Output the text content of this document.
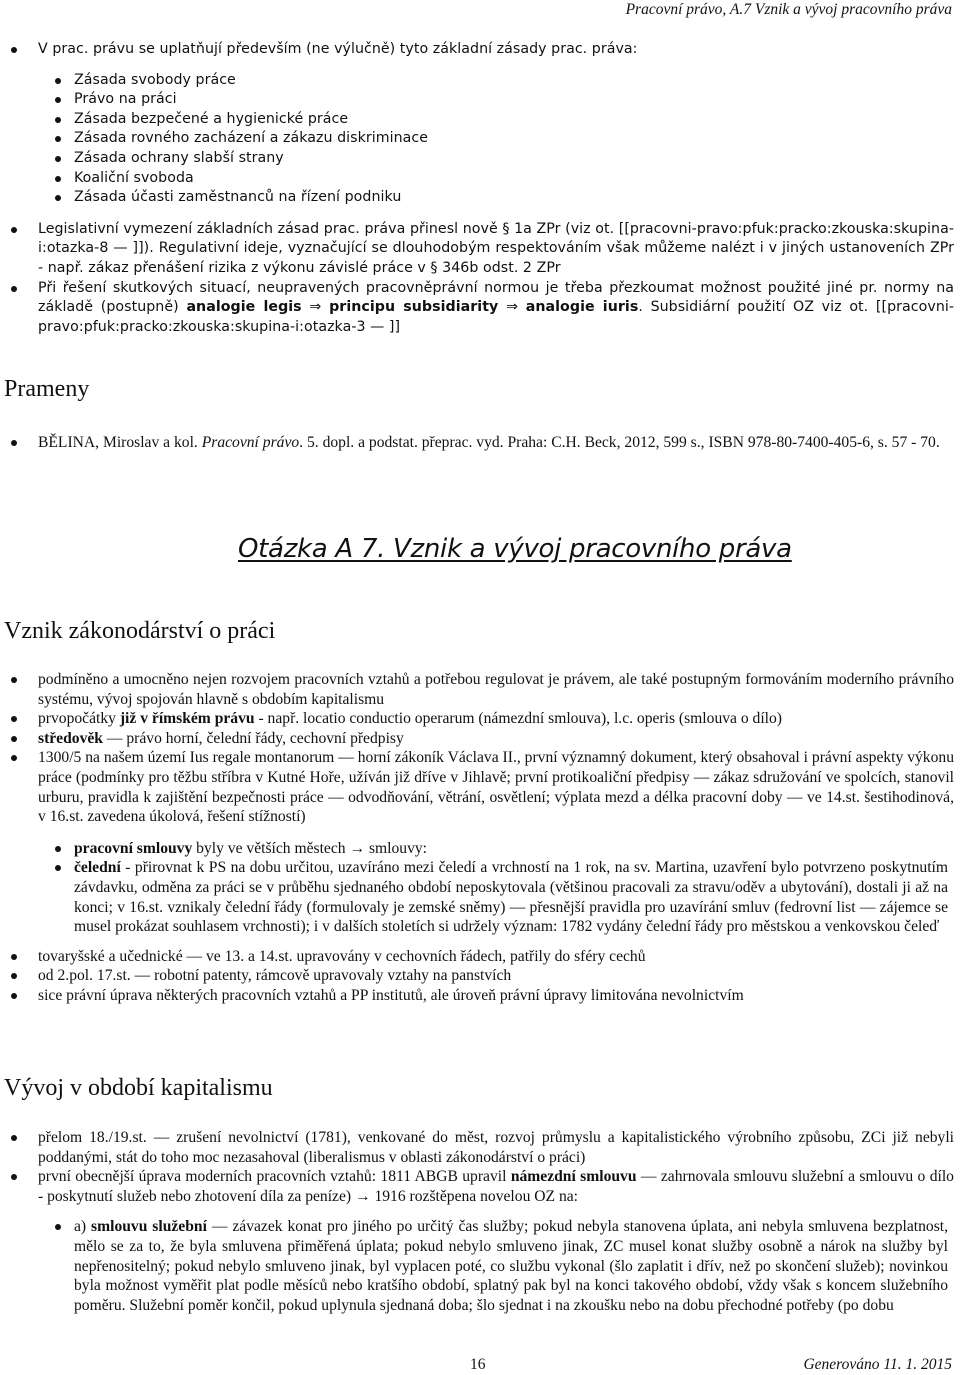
Pracovní právo, A.7 Vznik a vývoj pracovního práva
V prac. právu se uplatňují především (ne výlučně) tyto základní zásady prac. práva:
Zásada svobody práce
Právo na práci
Zásada bezpečené a hygienické práce
Zásada rovného zacházení a zákazu diskriminace
Zásada ochrany slabší strany
Koaliční svoboda
Zásada účasti zaměstnanců na řízení podniku
Legislativní vymezení základních zásad prac. práva přinesl nově § 1a ZPr (viz ot. [[pracovni-pravo:pfuk:pracko:zkouska:skupina-i:otazka-8 — ]]). Regulativní ideje, vyznačující se dlouhodobým respektováním však můžeme nalézt i v jiných ustanoveních ZPr - např. zákaz přenášení rizika z výkonu závislé práce v § 346b odst. 2 ZPr
Při řešení skutkových situací, neupravených pracovněprávní normou je třeba přezkoumat možnost použité jiné pr. normy na základě (postupně) analogie legis ⇒ principu subsidiarity ⇒ analogie iuris. Subsidiární použití OZ viz ot. [[pracovni-pravo:pfuk:pracko:zkouska:skupina-i:otazka-3 — ]]
Prameny
BĚLINA, Miroslav a kol. Pracovní právo. 5. dopl. a podstat. přeprac. vyd. Praha: C.H. Beck, 2012, 599 s., ISBN 978-80-7400-405-6, s. 57 - 70.
Otázka A 7. Vznik a vývoj pracovního práva
Vznik zákonodárství o práci
podmíněno a umocněno nejen rozvojem pracovních vztahů a potřebou regulovat je právem, ale také postupným formováním moderního právního systému, vývoj spojován hlavně s obdobím kapitalismu
prvopočátky již v římském právu - např. locatio conductio operarum (námezdní smlouva), l.c. operis (smlouva o dílo)
středověk — právo horní, čelední řády, cechovní předpisy
1300/5 na našem území Ius regale montanorum — horní zákoník Václava II., první významný dokument, který obsahoval i právní aspekty výkonu práce (podmínky pro těžbu stříbra v Kutné Hoře, užíván již dříve v Jihlavě; první protikoaliční předpisy — zákaz sdružování ve spolcích, stanovil urburu, pravidla k zajištění bezpečnosti práce — odvodňování, větrání, osvětlení; výplata mezd a délka pracovní doby — ve 14.st. šestihodinová, v 16.st. zavedena úkolová, řešení stížností)
pracovní smlouvy byly ve větších městech → smlouvy:
čelední - přirovnat k PS na dobu určitou, uzavíráno mezi čeledí a vrchností na 1 rok, na sv. Martina, uzavření bylo potvrzeno poskytnutím závdavku, odměna za práci se v průběhu sjednaného období neposkytovala (většinou pracovali za stravu/oděv a ubytování), dostali ji až na konci; v 16.st. vznikaly čelední řády (formulovaly je zemské sněmy) — přesnější pravidla pro uzavírání smluv (fedrovní list — zájemce se musel prokázat souhlasem vrchnosti); i v dalších stoletích si udržely význam: 1782 vydány čelední řády pro městskou a venkovskou čeleď
tovaryšské a učednické — ve 13. a 14.st. upravovány v cechovních řádech, patřily do sféry cechů
od 2.pol. 17.st. — robotní patenty, rámcově upravovaly vztahy na panstvích
sice právní úprava některých pracovních vztahů a PP institutů, ale úroveň právní úpravy limitována nevolnictvím
Vývoj v období kapitalismu
přelom 18./19.st. — zrušení nevolnictví (1781), venkované do měst, rozvoj průmyslu a kapitalistického výrobního způsobu, ZCi již nebyli poddanými, stát do toho moc nezasahoval (liberalismus v oblasti zákonodárství o práci)
první obecnější úprava moderních pracovních vztahů: 1811 ABGB upravil námezdní smlouvu — zahrnovala smlouvu služební a smlouvu o dílo - poskytnutí služeb nebo zhotovení díla za peníze) → 1916 rozštěpena novelou OZ na:
a) smlouvu služební — závazek konat pro jiného po určitý čas služby; pokud nebyla stanovena úplata, ani nebyla smluvena bezplatnost, mělo se za to, že byla smluvena přiměřená úplata; pokud nebylo smluveno jinak, ZC musel konat služby osobně a nárok na služby byl nepřenositelný; pokud nebylo smluveno jinak, byl vyplacen poté, co službu vykonal (šlo zaplatit i dřív, než po skončení služeb); novinkou byla možnost vyměřit plat podle měsíců nebo kratšího období, splatný pak byl na konci takového období, vždy však s koncem služebního poměru. Služební poměr končil, pokud uplynula sjednaná doba; šlo sjednat i na zkoušku nebo na dobu přechodné potřeby (po dobu
16	Generováno 11. 1. 2015
